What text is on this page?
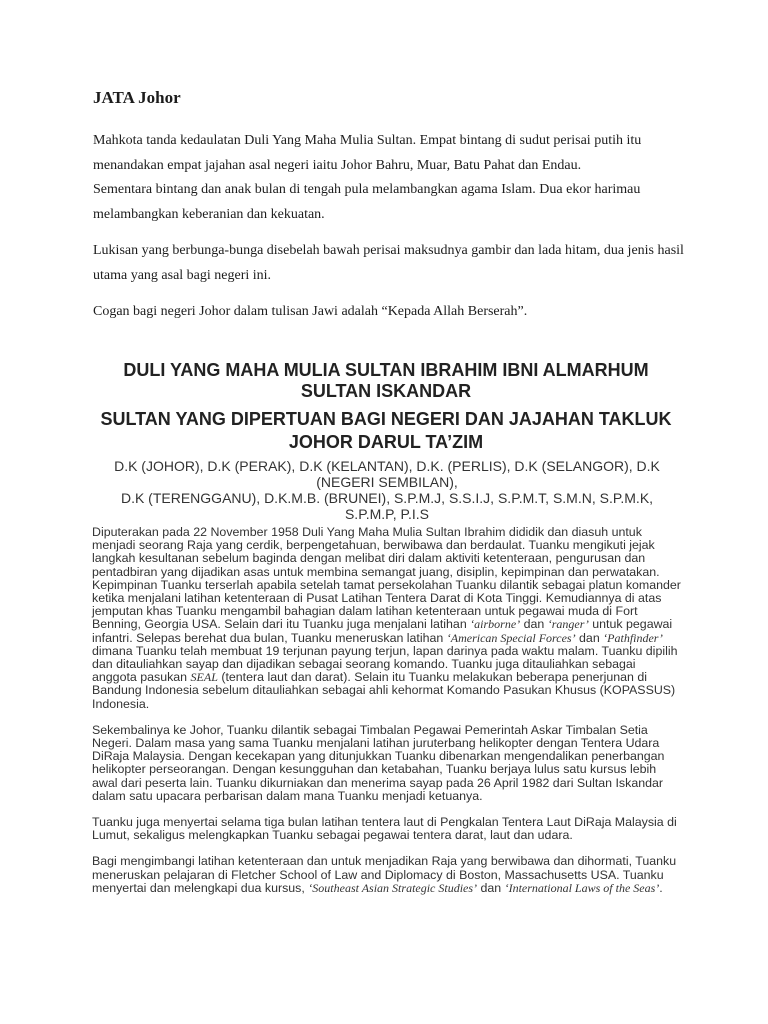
JATA Johor

Mahkota tanda kedaulatan Duli Yang Maha Mulia Sultan. Empat bintang di sudut perisai putih itu menandakan empat jajahan asal negeri iaitu Johor Bahru, Muar, Batu Pahat dan Endau.

Sementara bintang dan anak bulan di tengah pula melambangkan agama Islam. Dua ekor harimau melambangkan keberanian dan kekuatan.

Lukisan yang berbunga-bunga disebelah bawah perisai maksudnya gambir dan lada hitam, dua jenis hasil utama yang asal bagi negeri ini.

Cogan bagi negeri Johor dalam tulisan Jawi adalah “Kepada Allah Berserah”.

DULI YANG MAHA MULIA SULTAN IBRAHIM IBNI ALMARHUM SULTAN ISKANDAR
SULTAN YANG DIPERTUAN BAGI NEGERI DAN JAJAHAN TAKLUK JOHOR DARUL TA’ZIM
D.K (JOHOR), D.K (PERAK), D.K (KELANTAN), D.K. (PERLIS), D.K (SELANGOR), D.K (NEGERI SEMBILAN),
D.K (TERENGGANU), D.K.M.B. (BRUNEI), S.P.M.J, S.S.I.J, S.P.M.T, S.M.N, S.P.M.K, S.P.M.P, P.I.S

Diputerakan pada 22 November 1958 Duli Yang Maha Mulia Sultan Ibrahim dididik dan diasuh untuk menjadi seorang Raja yang cerdik, berpengetahuan, berwibawa dan berdaulat. Tuanku mengikuti jejak langkah kesultanan sebelum baginda dengan melibat diri dalam aktiviti ketenteraan, pengurusan dan pentadbiran yang dijadikan asas untuk membina semangat juang, disiplin, kepimpinan dan perwatakan. Kepimpinan Tuanku terserlah apabila setelah tamat persekolahan Tuanku dilantik sebagai platun komander ketika menjalani latihan ketenteraan di Pusat Latihan Tentera Darat di Kota Tinggi. Kemudiannya di atas jemputan khas Tuanku mengambil bahagian dalam latihan ketenteraan untuk pegawai muda di Fort Benning, Georgia USA. Selain dari itu Tuanku juga menjalani latihan ‘airborne’ dan ‘ranger’ untuk pegawai infantri. Selepas berehat dua bulan, Tuanku meneruskan latihan ‘American Special Forces’ dan ‘Pathfinder’ dimana Tuanku telah membuat 19 terjunan payung terjun, lapan darinya pada waktu malam. Tuanku dipilih dan ditauliahkan sayap dan dijadikan sebagai seorang komando. Tuanku juga ditauliahkan sebagai anggota pasukan SEAL (tentera laut dan darat). Selain itu Tuanku melakukan beberapa penerjunan di Bandung Indonesia sebelum ditauliahkan sebagai ahli kehormat Komando Pasukan Khusus (KOPASSUS) Indonesia.

Sekembalinya ke Johor, Tuanku dilantik sebagai Timbalan Pegawai Pemerintah Askar Timbalan Setia Negeri. Dalam masa yang sama Tuanku menjalani latihan juruterbang helikopter dengan Tentera Udara DiRaja Malaysia. Dengan kecekapan yang ditunjukkan Tuanku dibenarkan mengendalikan penerbangan helikopter perseorangan. Dengan kesungguhan dan ketabahan, Tuanku berjaya lulus satu kursus lebih awal dari peserta lain. Tuanku dikurniakan dan menerima sayap pada 26 April 1982 dari Sultan Iskandar dalam satu upacara perbarisan dalam mana Tuanku menjadi ketuanya.

Tuanku juga menyertai selama tiga bulan latihan tentera laut di Pengkalan Tentera Laut DiRaja Malaysia di Lumut, sekaligus melengkapkan Tuanku sebagai pegawai tentera darat, laut dan udara.

Bagi mengimbangi latihan ketenteraan dan untuk menjadikan Raja yang berwibawa dan dihormati, Tuanku meneruskan pelajaran di Fletcher School of Law and Diplomacy di Boston, Massachusetts USA. Tuanku menyertai dan melengkapi dua kursus, ‘Southeast Asian Strategic Studies’ dan ‘International Laws of the Seas’.
